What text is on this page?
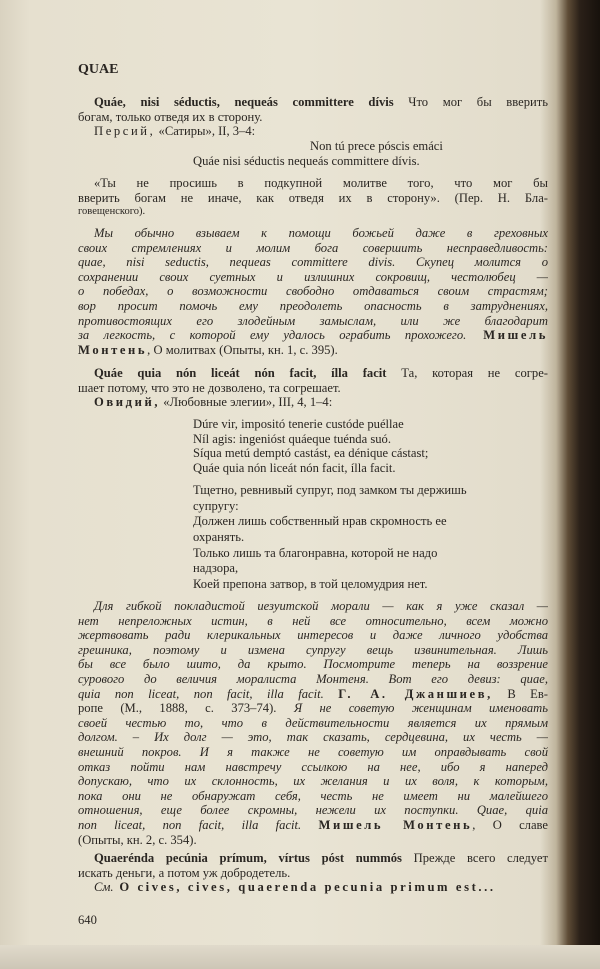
QUAE
Quáe, nisi séductis, nequeás committere dívis Что мог бы вверить
богам, только отведя их в сторону.
Персий, «Сатиры», II, 3–4:
Non tú prece póscis emáci
Quáe nisi séductis nequeás committere dívis.
«Ты не просишь в подкупной молитве того, что мог бы
вверить богам не иначе, как отведя их в сторону». (Пер. Н. Бла-
говещенского).
Мы обычно взываем к помощи божьей даже в греховных
своих стремлениях и молим бога совершить несправедливость:
quae, nisi seductis, nequeas committere divis. Скупец молится о
сохранении своих суетных и излишних сокровищ, честолюбец —
о победах, о возможности свободно отдаваться своим страстям;
вор просит помочь ему преодолеть опасность в затруднениях,
противостоящих его злодейным замыслам, или же благодарит
за легкость, с которой ему удалось ограбить прохожего. Мишель
Монтень, О молитвах (Опыты, кн. 1, с. 395).
Quáe quia nón liceát nón facit, ílla facit Та, которая не согре-
шает потому, что это не дозволено, та согрешает.
Овидий, «Любовные элегии», III, 4, 1–4:
Dúre vir, impositó tenerie custóde puéllae
Níl agis: ingenióst quáeque tuénda suó.
Síqua metú demptó castást, ea dénique cástast;
Quáe quia nón liceát nón facit, ílla facit.
Тщетно, ревнивый супруг, под замком ты держишь
супругу:
Должен лишь собственный нрав скромность ее
охранять.
Только лишь та благонравна, которой не надо
надзора,
Коей препона затвор, в той целомудрия нет.
Для гибкой покладистой иезуитской морали — как я уже сказал —
нет непреложных истин, в ней все относительно, всем можно
жертвовать ради клерикальных интересов и даже личного удобства
грешника, поэтому и измена супругу вещь извинительная. Лишь
бы все было шито, да крыто. Посмотрите теперь на воззрение
сурового до величия моралиста Монтеня. Вот его девиз: quae,
quia non liceat, non facit, illa facit. Г. А. Джаншиев, В Ев-
ропе (М., 1888, с. 373–74). Я не советую женщинам именовать
своей честью то, что в действительности является их прямым
долгом. – Их долг — это, так сказать, сердцевина, их честь —
внешний покров. И я также не советую им оправдывать свой
отказ пойти нам навстречу ссылкою на нее, ибо я наперед
допускаю, что их склонность, их желания и их воля, к которым,
пока они не обнаружат себя, честь не имеет ни малейшего
отношения, еще более скромны, нежели их поступки. Quae, quia
non liceat, non facit, illa facit. Мишель Монтень, О славе
(Опыты, кн. 2, с. 354).
Quaerénda pecúnia prímum, vírtus póst nummós Прежде всего следует
искать деньги, а потом уж добродетель.
См. O cives, cives, quaerenda pecunia primum est...
640
